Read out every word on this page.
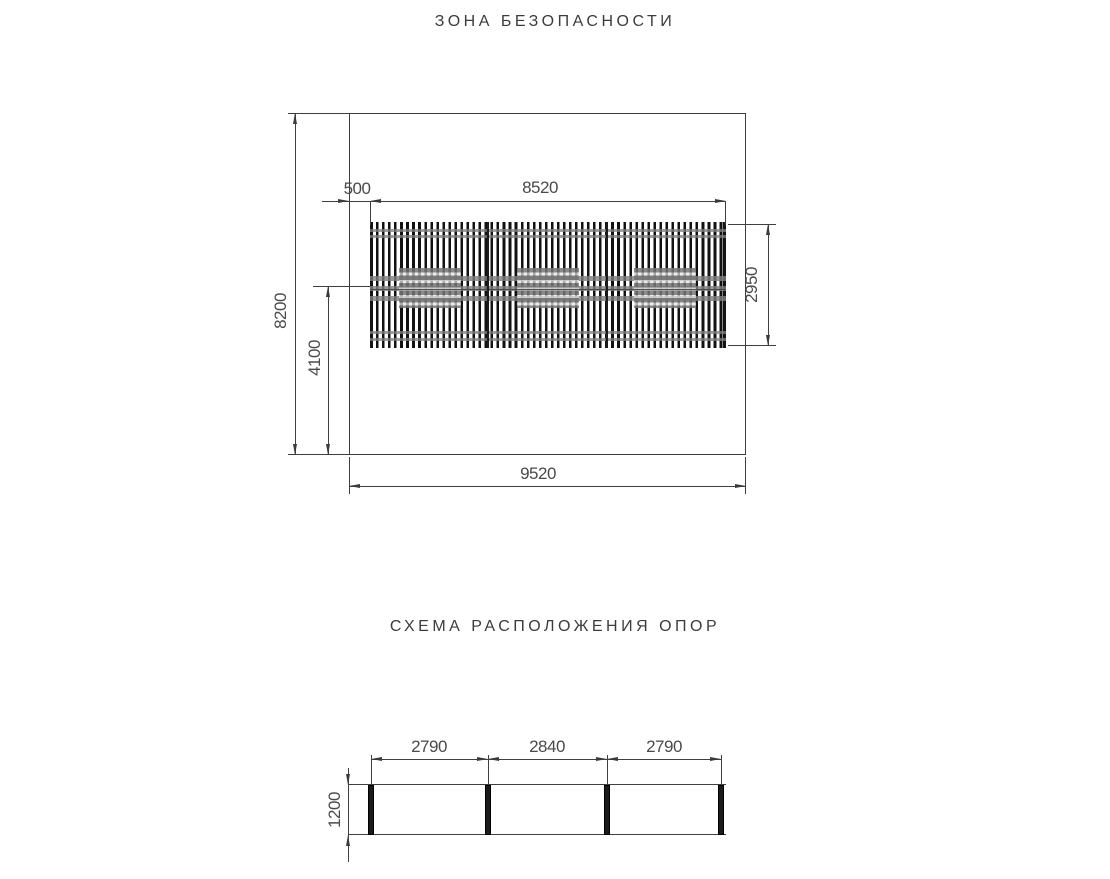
ЗОНА БЕЗОПАСНОСТИ
8200
500	8520
2950
4100
9520
СХЕМА РАСПОЛОЖЕНИЯ ОПОР
2790	2840	2790
1200
